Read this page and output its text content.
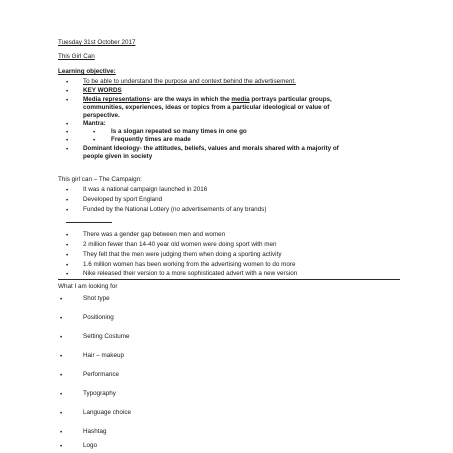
Tuesday 31st October 2017
This Girl Can
Learning objective:
• To be able to understand the purpose and context behind the advertisement.
• KEY WORDS
• Media representations- are the ways in which the media portrays particular groups,
communities, experiences, ideas or topics from a particular ideological or value of
perspective.
• Mantra:
•	•	Is a slogan repeated so many times in one go
•	•	Frequently times are made
• Dominant Ideology- the attitudes, beliefs, values and morals shared with a majority of
people given in society
This girl can – The Campaign:
• It was a national campaign launched in 2016
• Developed by sport England
• Funded by the National Lottery (no advertisements of any brands)
• There was a gender gap between men and women
• 2 million fewer than 14-40 year old women were doing sport with men
• They felt that the men were judging them when doing a sporting activity
• 1.6 million women has been working from the advertising women to do more
• Nike released their version to a more sophisticated advert with a new version
What I am looking for
•	Shot type
•	Positioning
•	Setting Costume
•	Hair – makeup
•	Performance
•	Typography
•	Language choice
•	Hashtag
•	Logo
